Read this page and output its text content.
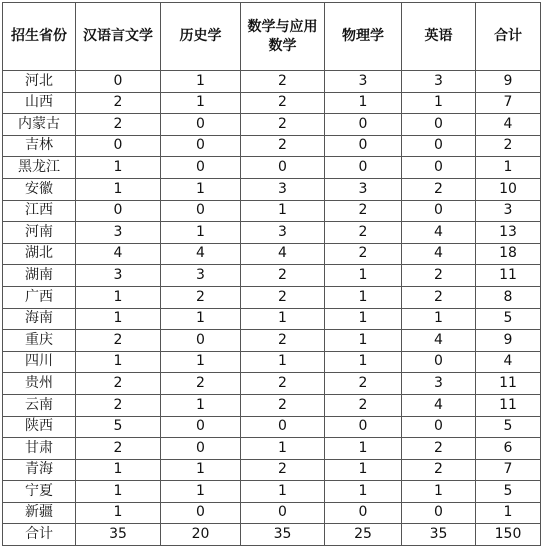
招生省份	汉语言文学	历史学	数学与应用数学	物理学	英语	合计
河北	0	1	2	3	3	9
山西	2	1	2	1	1	7
内蒙古	2	0	2	0	0	4
吉林	0	0	2	0	0	2
黑龙江	1	0	0	0	0	1
安徽	1	1	3	3	2	10
江西	0	0	1	2	0	3
河南	3	1	3	2	4	13
湖北	4	4	4	2	4	18
湖南	3	3	2	1	2	11
广西	1	2	2	1	2	8
海南	1	1	1	1	1	5
重庆	2	0	2	1	4	9
四川	1	1	1	1	0	4
贵州	2	2	2	2	3	11
云南	2	1	2	2	4	11
陕西	5	0	0	0	0	5
甘肃	2	0	1	1	2	6
青海	1	1	2	1	2	7
宁夏	1	1	1	1	1	5
新疆	1	0	0	0	0	1
合计	35	20	35	25	35	150
